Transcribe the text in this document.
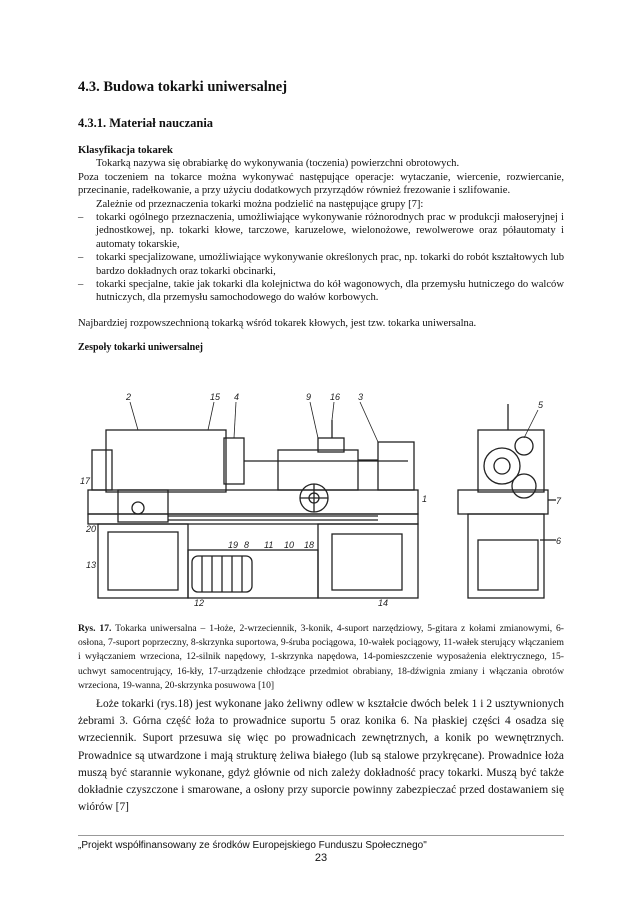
4.3. Budowa tokarki uniwersalnej
4.3.1. Materiał nauczania
Klasyfikacja tokarek
Tokarką nazywa się obrabiarkę do wykonywania (toczenia) powierzchni obrotowych.
Poza toczeniem na tokarce można wykonywać następujące operacje: wytaczanie, wiercenie, rozwiercanie, przecinanie, radełkowanie, a przy użyciu dodatkowych przyrządów również frezowanie i szlifowanie.
Zależnie od przeznaczenia tokarki można podzielić na następujące grupy [7]:
– tokarki ogólnego przeznaczenia, umożliwiające wykonywanie różnorodnych prac w produkcji małoseryjnej i jednostkowej, np. tokarki kłowe, tarczowe, karuzelowe, wielonożowe, rewolwerowe oraz półautomaty i automaty tokarskie,
– tokarki specjalizowane, umożliwiające wykonywanie określonych prac, np. tokarki do robót kształtowych lub bardzo dokładnych oraz tokarki obcinarki,
– tokarki specjalne, takie jak tokarki dla kolejnictwa do kół wagonowych, dla przemysłu hutniczego do walców hutniczych, dla przemysłu samochodowego do wałów korbowych.
Najbardziej rozpowszechnioną tokarką wśród tokarek kłowych, jest tzw. tokarka uniwersalna.
Zespoły tokarki uniwersalnej
2	15 4	9 16 3
5
17
20
13
19 8 11 10 18
12
1
14
7
6
Rys. 17. Tokarka uniwersalna – 1-łoże, 2-wrzeciennik, 3-konik, 4-suport narzędziowy, 5-gitara z kołami zmianowymi, 6-osłona, 7-suport poprzeczny, 8-skrzynka suportowa, 9-śruba pociągowa, 10-wałek pociągowy, 11-wałek sterujący włączaniem i wyłączaniem wrzeciona, 12-silnik napędowy, 1-skrzynka napędowa, 14-pomieszczenie wyposażenia elektrycznego, 15-uchwyt samocentrujący, 16-kły, 17-urządzenie chłodzące przedmiot obrabiany, 18-dźwignia zmiany i włączania obrotów wrzeciona, 19-wanna, 20-skrzynka posuwowa [10]
Łoże tokarki (rys.18) jest wykonane jako żeliwny odlew w kształcie dwóch belek 1 i 2 usztywnionych żebrami 3. Górna część łoża to prowadnice suportu 5 oraz konika 6. Na płaskiej części 4 osadza się wrzeciennik. Suport przesuwa się więc po prowadnicach zewnętrznych, a konik po wewnętrznych. Prowadnice są utwardzone i mają strukturę żeliwa białego (lub są stalowe przykręcane). Prowadnice łoża muszą być starannie wykonane, gdyż głównie od nich zależy dokładność pracy tokarki. Muszą być także dokładnie czyszczone i smarowane, a osłony przy suporcie powinny zabezpieczać przed dostawaniem się wiórów [7]
„Projekt współfinansowany ze środków Europejskiego Funduszu Społecznego"
23
